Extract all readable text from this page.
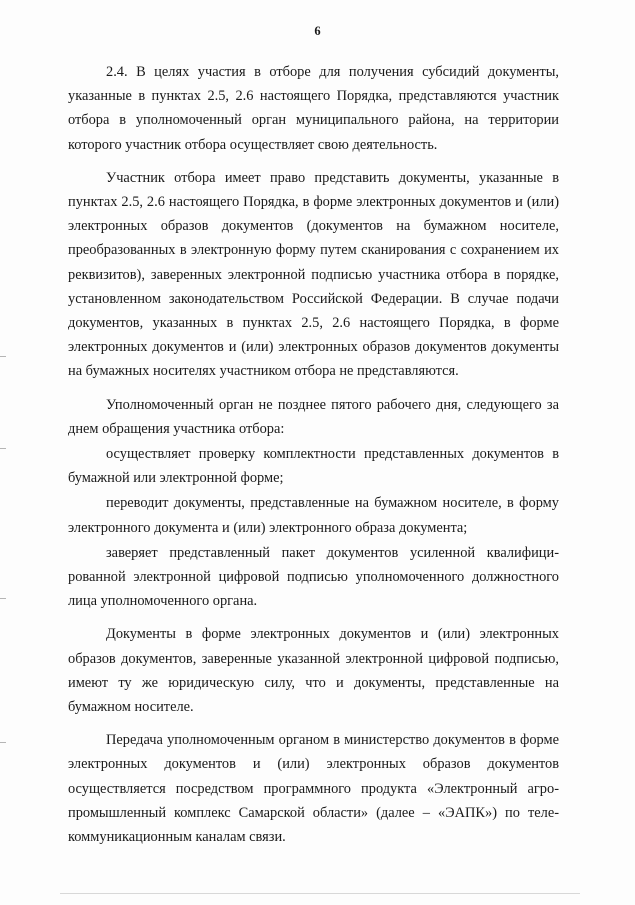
6

2.4. В целях участия в отборе для получения субсидий документы, указанные в пунктах 2.5, 2.6 настоящего Порядка, представляются участник отбора в уполномоченный орган муниципального района, на территории которого участник отбора осуществляет свою деятельность.

Участник отбора имеет право представить документы, указанные в пунктах 2.5, 2.6 настоящего Порядка, в форме электронных документов и (или) электронных образов документов (документов на бумажном носителе, преобразованных в электронную форму путем сканирования с сохранением их реквизитов), заверенных электронной подписью участника отбора в порядке, установленном законодательством Российской Федерации. В случае подачи документов, указанных в пунктах 2.5, 2.6 настоящего Порядка, в форме электронных документов и (или) электронных образов документов документы на бумажных носителях участником отбора не представляются.

Уполномоченный орган не позднее пятого рабочего дня, следующего за днем обращения участника отбора:

осуществляет проверку комплектности представленных документов в бумажной или электронной форме;

переводит документы, представленные на бумажном носителе, в форму электронного документа и (или) электронного образа документа;

заверяет представленный пакет документов усиленной квалифицированной электронной цифровой подписью уполномоченного должностного лица уполномоченного органа.

Документы в форме электронных документов и (или) электронных образов документов, заверенные указанной электронной цифровой подписью, имеют ту же юридическую силу, что и документы, представленные на бумажном носителе.

Передача уполномоченным органом в министерство документов в форме электронных документов и (или) электронных образов документов осуществляется посредством программного продукта «Электронный агропромышленный комплекс Самарской области» (далее – «ЭАПК») по телекоммуникационным каналам связи.
